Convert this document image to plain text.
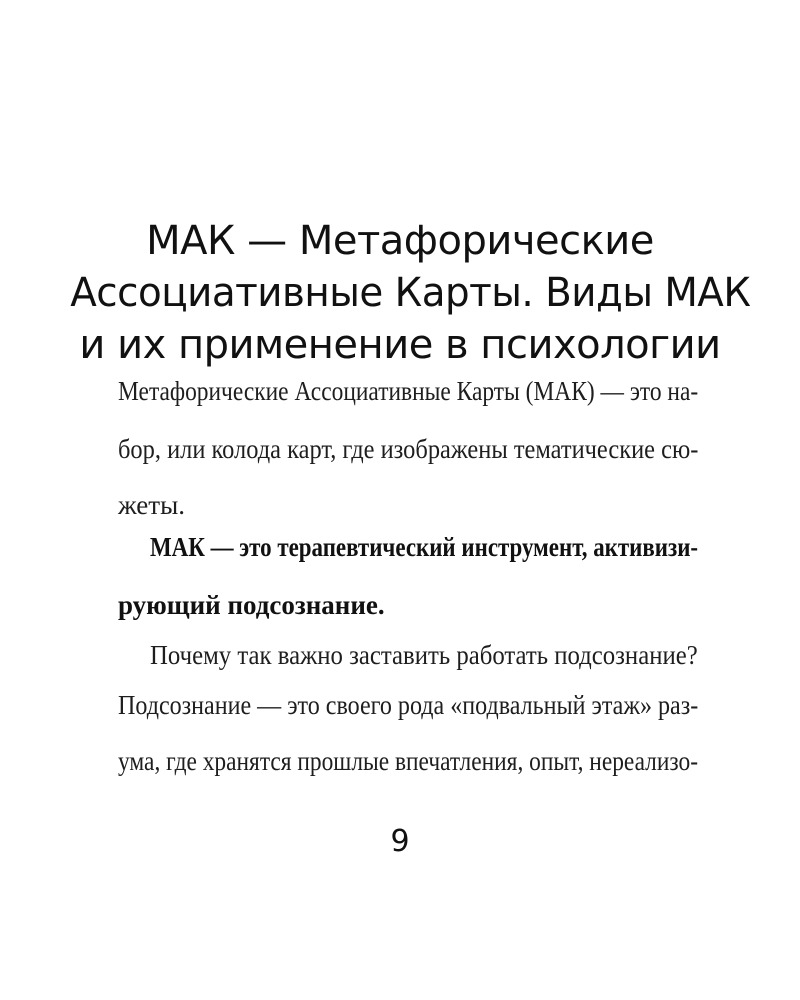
МАК — Метафорические
Ассоциативные Карты. Виды МАК
и их применение в психологии
Метафорические Ассоциативные Карты (МАК) — это на-
бор, или колода карт, где изображены тематические сю-
жеты.
МАК — это терапевтический инструмент, активизи-
рующий подсознание.
Почему так важно заставить работать подсознание?
Подсознание — это своего рода «подвальный этаж» раз-
ума, где хранятся прошлые впечатления, опыт, нереализо-
9
